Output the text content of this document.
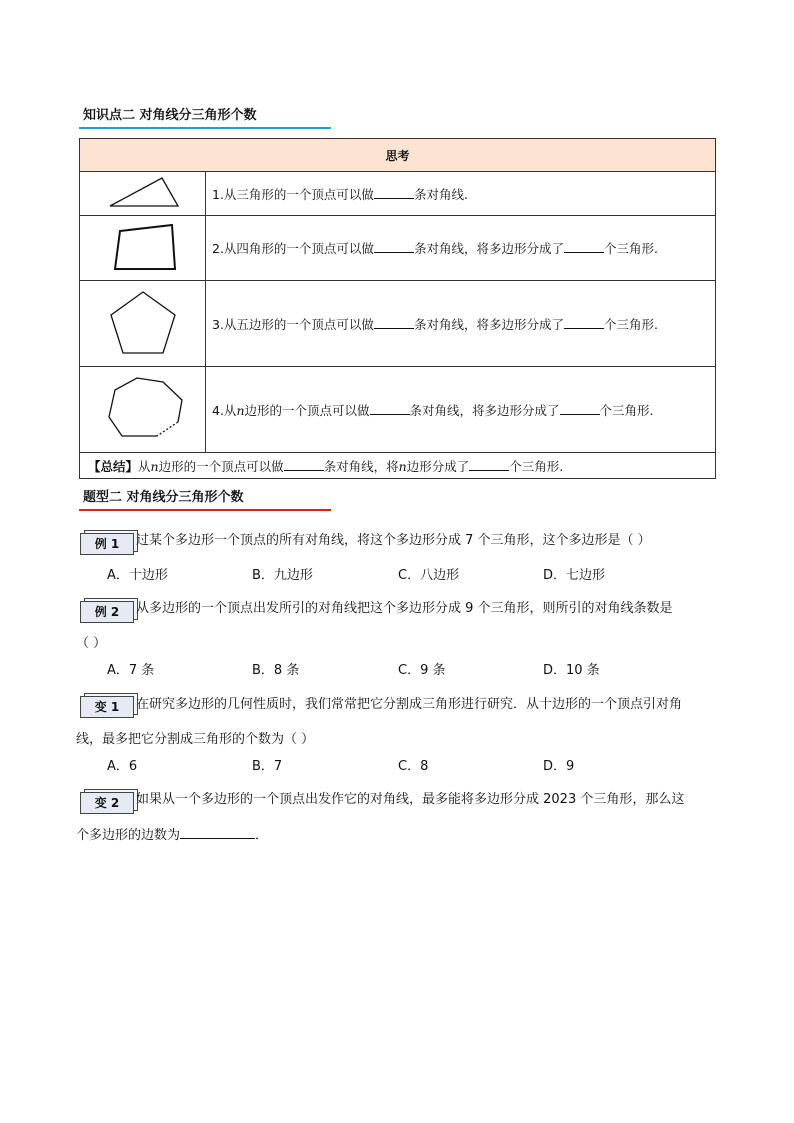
知识点二 对角线分三角形个数
思考	
	1.从三角形的一个顶点可以做 条对角线.
	2.从四角形的一个顶点可以做 条对角线，将多边形分成了 个三角形.
	3.从五边形的一个顶点可以做 条对角线，将多边形分成了 个三角形.
	4.从n边形的一个顶点可以做 条对角线，将多边形分成了 个三角形.
【总结】从n边形的一个顶点可以做 条对角线，将n边形分成了 个三角形.	
题型二 对角线分三角形个数
例 1	过某个多边形一个顶点的所有对角线，将这个多边形分成 7 个三角形，这个多边形是（ ）
A．十边形	B．九边形	C．八边形	D．七边形
例 2	从多边形的一个顶点出发所引的对角线把这个多边形分成 9 个三角形，则所引的对角线条数是
（ ）
A．7 条	B．8 条	C．9 条	D．10 条
变 1	在研究多边形的几何性质时，我们常常把它分割成三角形进行研究．从十边形的一个顶点引对角
线，最多把它分割成三角形的个数为（ ）
A．6	B．7	C．8	D．9
变 2	如果从一个多边形的一个顶点出发作它的对角线，最多能将多边形分成 2023 个三角形，那么这
个多边形的边数为	．
